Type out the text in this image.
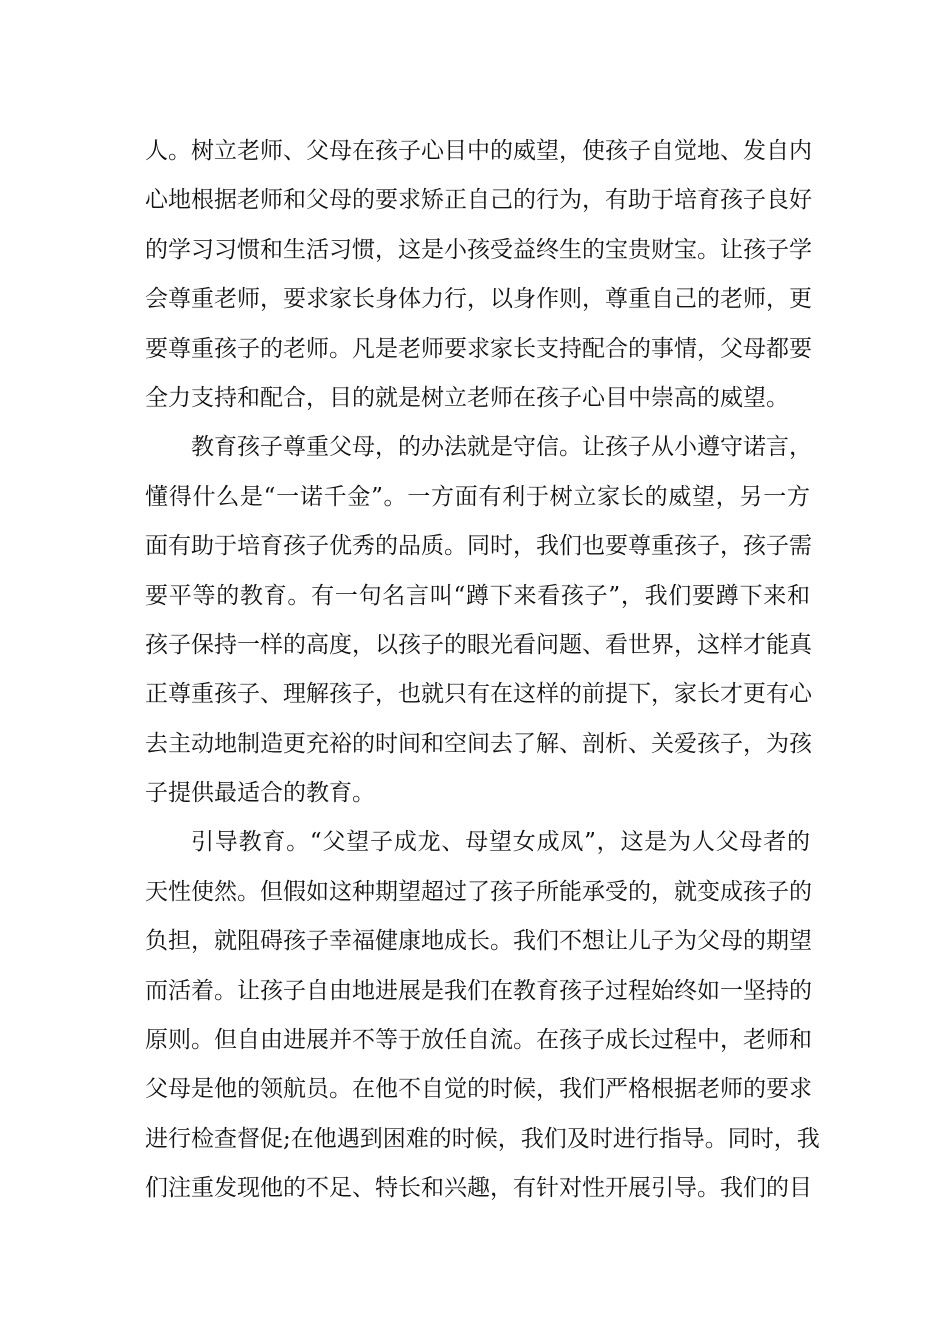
人。树立老师、父母在孩子心目中的威望，使孩子自觉地、发自内
心地根据老师和父母的要求矫正自己的行为，有助于培育孩子良好
的学习习惯和生活习惯，这是小孩受益终生的宝贵财宝。让孩子学
会尊重老师，要求家长身体力行，以身作则，尊重自己的老师，更
要尊重孩子的老师。凡是老师要求家长支持配合的事情，父母都要
全力支持和配合，目的就是树立老师在孩子心目中崇高的威望。
教育孩子尊重父母，的办法就是守信。让孩子从小遵守诺言，
懂得什么是“一诺千金”。一方面有利于树立家长的威望，另一方
面有助于培育孩子优秀的品质。同时，我们也要尊重孩子，孩子需
要平等的教育。有一句名言叫“蹲下来看孩子”，我们要蹲下来和
孩子保持一样的高度，以孩子的眼光看问题、看世界，这样才能真
正尊重孩子、理解孩子，也就只有在这样的前提下，家长才更有心
去主动地制造更充裕的时间和空间去了解、剖析、关爱孩子，为孩
子提供最适合的教育。
引导教育。“父望子成龙、母望女成凤”，这是为人父母者的
天性使然。但假如这种期望超过了孩子所能承受的，就变成孩子的
负担，就阻碍孩子幸福健康地成长。我们不想让儿子为父母的期望
而活着。让孩子自由地进展是我们在教育孩子过程始终如一坚持的
原则。但自由进展并不等于放任自流。在孩子成长过程中，老师和
父母是他的领航员。在他不自觉的时候，我们严格根据老师的要求
进行检查督促;在他遇到困难的时候，我们及时进行指导。同时，我
们注重发现他的不足、特长和兴趣，有针对性开展引导。我们的目
